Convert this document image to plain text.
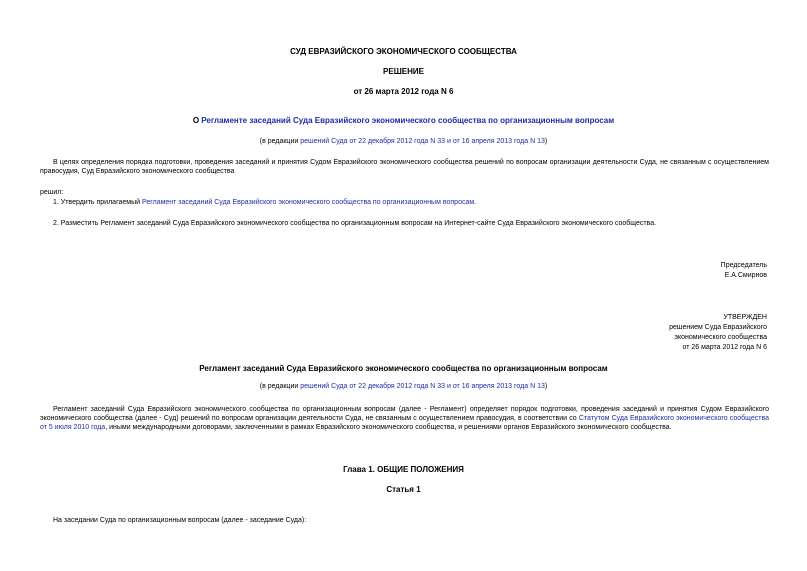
СУД ЕВРАЗИЙСКОГО ЭКОНОМИЧЕСКОГО СООБЩЕСТВА
РЕШЕНИЕ
от 26 марта 2012 года N 6
О Регламенте заседаний Суда Евразийского экономического сообщества по организационным вопросам
(в редакции решений Суда от 22 декабря 2012 года N 33 и от 16 апреля 2013 года N 13)
В целях определения порядка подготовки, проведения заседаний и принятия Судом Евразийского экономического сообщества решений по вопросам организации деятельности Суда, не связанным с осуществлением правосудия, Суд Евразийского экономического сообщества
решил:
1. Утвердить прилагаемый Регламент заседаний Суда Евразийского экономического сообщества по организационным вопросам.
2. Разместить Регламент заседаний Суда Евразийского экономического сообщества по организационным вопросам на Интернет-сайте Суда Евразийского экономического сообщества.
Председатель
Е.А.Смирнов
УТВЕРЖДЕН
решением Суда Евразийского
экономического сообщества
от 26 марта 2012 года N 6
Регламент заседаний Суда Евразийского экономического сообщества по организационным вопросам
(в редакции решений Суда от 22 декабря 2012 года N 33 и от 16 апреля 2013 года N 13)
Регламент заседаний Суда Евразийского экономического сообщества по организационным вопросам (далее - Регламент) определяет порядок подготовки, проведения заседаний и принятия Судом Евразийского экономического сообщества (далее - Суд) решений по вопросам организации деятельности Суда, не связанным с осуществлением правосудия, в соответствии со Статутом Суда Евразийского экономического сообщества от 5 июля 2010 года, иными международными договорами, заключенными в рамках Евразийского экономического сообщества, и решениями органов Евразийского экономического сообщества.
Глава 1. ОБЩИЕ ПОЛОЖЕНИЯ
Статья 1
На заседании Суда по организационным вопросам (далее - заседание Суда):
